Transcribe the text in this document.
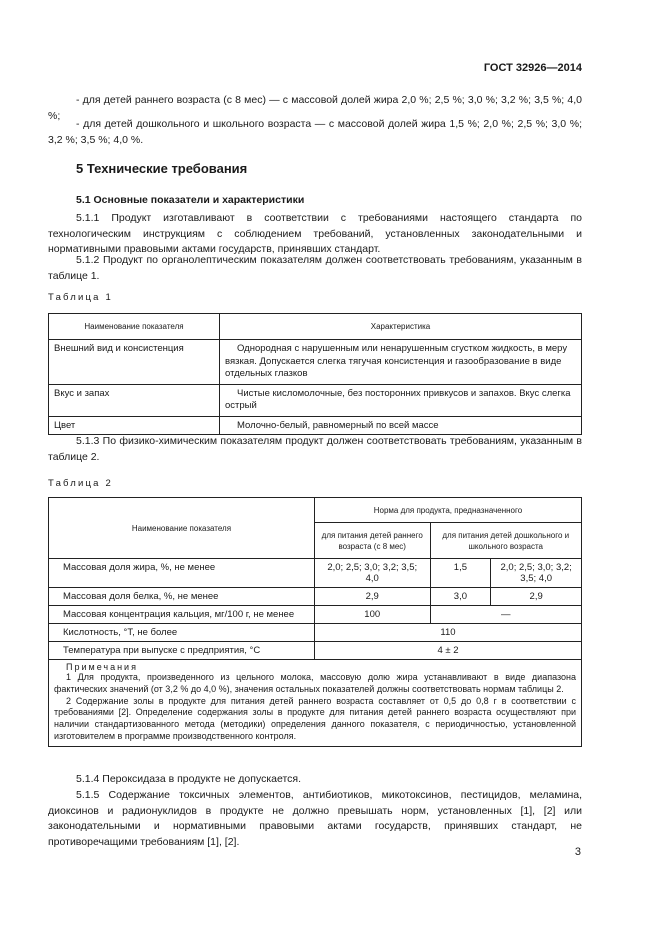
ГОСТ 32926—2014
- для детей раннего возраста (с 8 мес) — с массовой долей жира 2,0 %; 2,5 %; 3,0 %; 3,2 %; 3,5 %; 4,0 %;
- для детей дошкольного и школьного возраста — с массовой долей жира 1,5 %; 2,0 %; 2,5 %; 3,0 %; 3,2 %; 3,5 %; 4,0 %.
5 Технические требования
5.1 Основные показатели и характеристики
5.1.1 Продукт изготавливают в соответствии с требованиями настоящего стандарта по технологическим инструкциям с соблюдением требований, установленных законодательными и нормативными правовыми актами государств, принявших стандарт.
5.1.2 Продукт по органолептическим показателям должен соответствовать требованиям, указанным в таблице 1.
Таблица 1
Наименование показателя	Характеристика
Внешний вид и консистенция	Однородная с нарушенным или ненарушенным сгустком жидкость, в меру вязкая. Допускается слегка тягучая консистенция и газообразование в виде отдельных глазков
Вкус и запах	Чистые кисломолочные, без посторонних привкусов и запахов. Вкус слегка острый
Цвет	Молочно-белый, равномерный по всей массе
5.1.3 По физико-химическим показателям продукт должен соответствовать требованиям, указанным в таблице 2.
Таблица 2
Наименование показателя	Норма для продукта, предназначенного		
	для питания детей раннего возраста (с 8 мес)	для питания детей дошкольного и школьного возраста	
Массовая доля жира, %, не менее	2,0; 2,5; 3,0; 3,2; 3,5; 4,0	1,5	2,0; 2,5; 3,0; 3,2; 3,5; 4,0
Массовая доля белка, %, не менее	2,9	3,0	2,9
Массовая концентрация кальция, мг/100 г, не менее	100	—	
Кислотность, °Т, не более	110		
Температура при выпуске с предприятия, °С	4 ± 2		

Примечания
1 Для продукта, произведенного из цельного молока, массовую долю жира устанавливают в виде диапазона фактических значений (от 3,2 % до 4,0 %), значения остальных показателей должны соответствовать нормам таблицы 2.
2 Содержание золы в продукте для питания детей раннего возраста составляет от 0,5 до 0,8 г в соответствии с требованиями [2]. Определение содержания золы в продукте для питания детей раннего возраста осуществляют при наличии стандартизованного метода (методики) определения данного показателя, с периодичностью, установленной изготовителем в программе производственного контроля.			
5.1.4 Пероксидаза в продукте не допускается.
5.1.5 Содержание токсичных элементов, антибиотиков, микотоксинов, пестицидов, меламина, диоксинов и радионуклидов в продукте не должно превышать норм, установленных [1], [2] или законодательными и нормативными правовыми актами государств, принявших стандарт, не противоречащими требованиям [1], [2].
3
